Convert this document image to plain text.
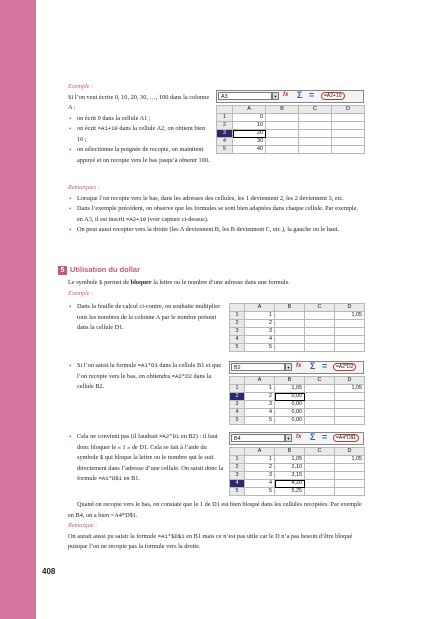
Exemple :
Si l’on veut écrire 0, 10, 20, 30, …, 100 dans la colonne A :
• on écrit 0 dans la cellule A1 ;
• on écrit =A1+10 dans la cellule A2, on obtient bien 10 ;
• on sélectionne la poignée de recopie, on maintient appuyé et on recopie vers le bas jusqu’à obtenir 100.
A3	▼ fx Σ =	=A2+10
	A	B	C	D
1	0			
2	10			
3	20			
4	30			
5	40			
Remarques :
• Lorsque l’on recopie vers le bas, dans les adresses des cellules, les 1 deviennent 2, les 2 deviennent 3, etc.
• Dans l’exemple précédent, on observe que les formules se sont bien adaptées dans chaque cellule. Par exemple, en A3, il est inscrit =A2+10 (voir capture ci-dessus).
• On peut aussi recopier vers la droite (les A deviennent B, les B deviennent C, etc.), la gauche ou le haut.
5 Utilisation du dollar
Le symbole $ permet de bloquer la lettre ou le nombre d’une adresse dans une formule.
Exemple :
• Dans la feuille de calcul ci-contre, on souhaite multiplier tous les nombres de la colonne A par le nombre présent dans la cellule D1.
	A	B	C	D
1	1			1,05
2	2			
3	3			
4	4			
5	5			
• Si l’on saisit la formule =A1*D1 dans la cellule B1 et que l’on recopie vers le bas, on obtiendra =A2*D2 dans la cellule B2.
B2	▼ fx Σ =	=A2*D2
	A	B	C	D
1	1	1,05		1,05
2	2	0,00		
3	3	0,00		
4	4	0,00		
5	5	0,00		
• Cela ne convient pas (il faudrait =A2*D1 en B2) : il faut donc bloquer le « 1 » de D1. Cela se fait à l’aide du symbole $ qui bloque la lettre ou le nombre qui le suit directement dans l’adresse d’une cellule. On saisit donc la formule =A1*D$1 en B1.
B4	▼ fx Σ =	=A4*D$1
	A	B	C	D
1	1	1,05		1,05
2	2	2,10		
3	3	3,15		
4	4	4,20		
5	5	5,25		
Quand on recopie vers le bas, on constate que le 1 de D1 est bien bloqué dans les cellules recopiées. Par exemple en B4, on a bien =A4*D$1.
Remarque :
On aurait aussi pu saisir la formule =A1*$D$1 en B1 mais ce n’est pas utile car le D n’a pas besoin d’être bloqué puisque l’on ne recopie pas la formule vers la droite.
408
